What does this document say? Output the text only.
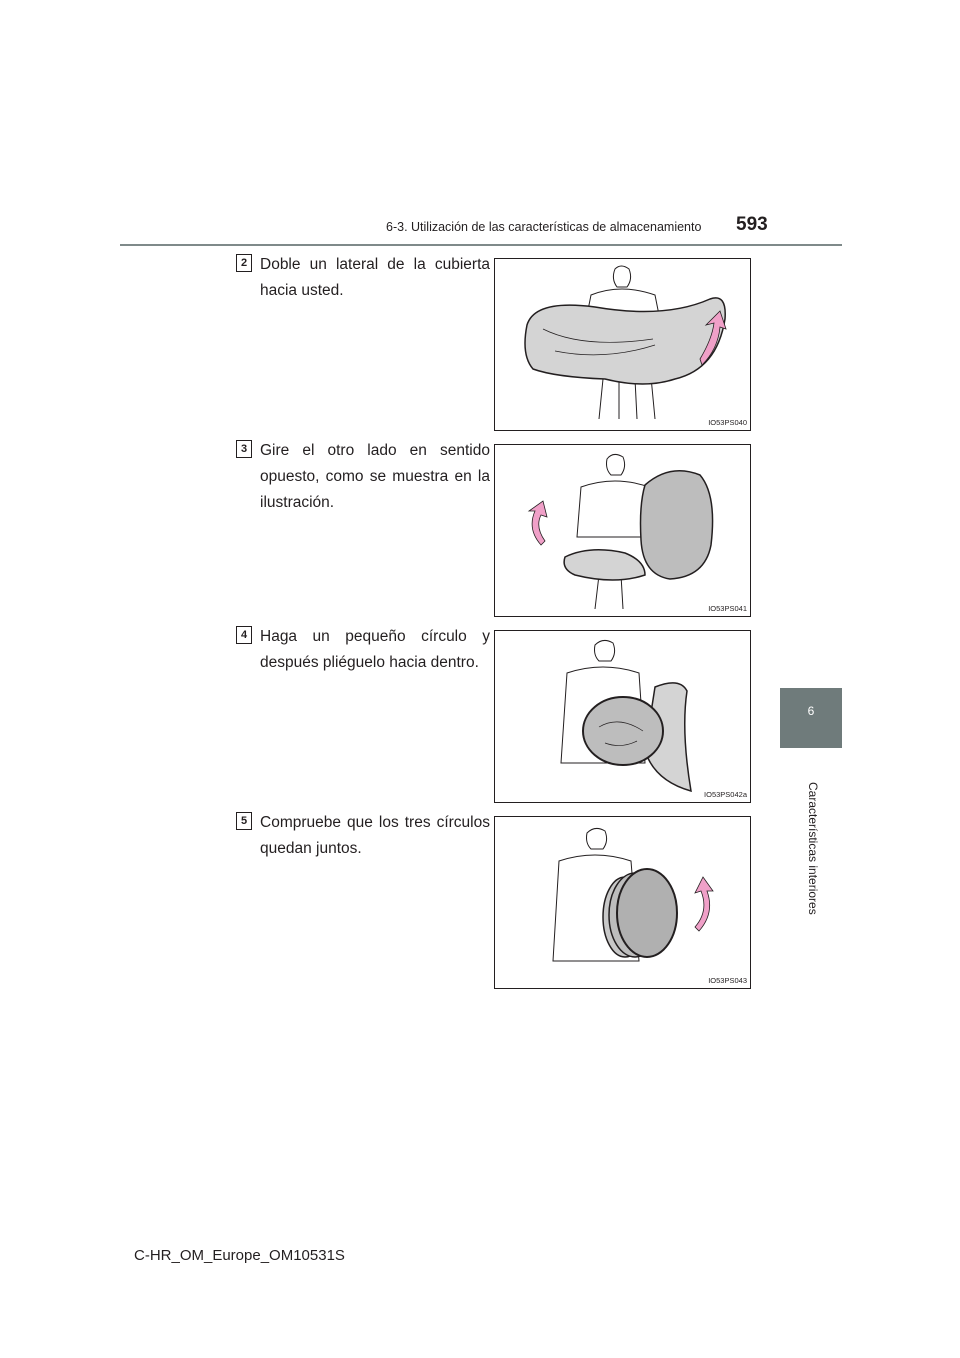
6-3. Utilización de las características de almacenamiento 593
6
Características interiores
2 Doble un lateral de la cubierta hacia usted.
IO53PS040
3 Gire el otro lado en sentido opuesto, como se muestra en la ilustración.
IO53PS041
4 Haga un pequeño círculo y después pliéguelo hacia dentro.
IO53PS042a
5 Compruebe que los tres círculos quedan juntos.
IO53PS043
C-HR_OM_Europe_OM10531S
